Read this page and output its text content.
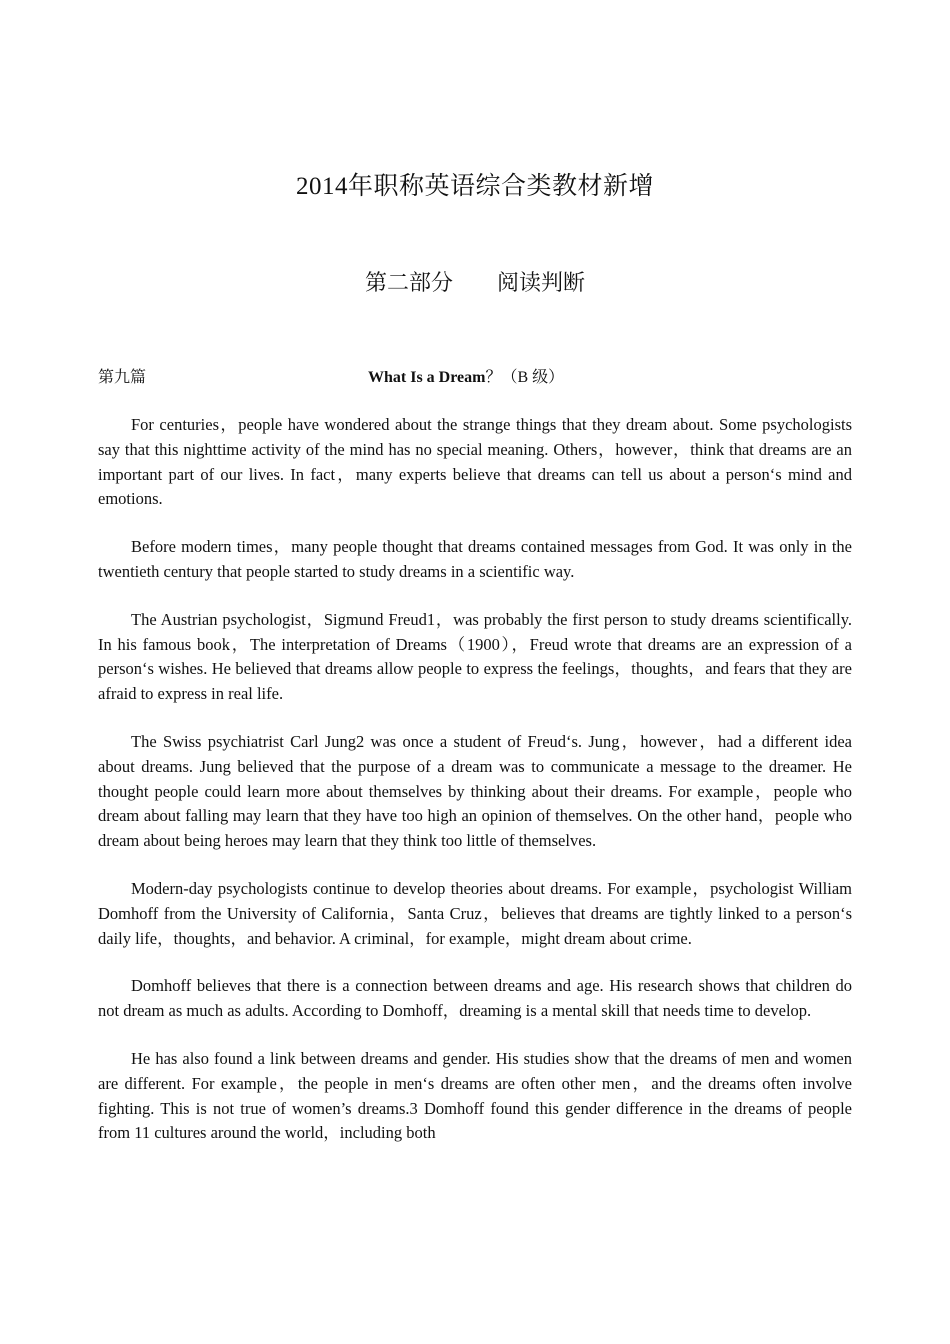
2014年职称英语综合类教材新增
第二部分　　阅读判断
第九篇	What Is a Dream？（B 级）

For centuries，people have wondered about the strange things that they dream about. Some psychologists say that this nighttime activity of the mind has no special meaning. Others，however，think that dreams are an important part of our lives. In fact，many experts believe that dreams can tell us about a person‘s mind and emotions.

Before modern times，many people thought that dreams contained messages from God. It was only in the twentieth century that people started to study dreams in a scientific way.

The Austrian psychologist，Sigmund Freud1，was probably the first person to study dreams scientifically. In his famous book，The interpretation of Dreams（1900），Freud wrote that dreams are an expression of a person‘s wishes. He believed that dreams allow people to express the feelings，thoughts，and fears that they are afraid to express in real life.

The Swiss psychiatrist Carl Jung2 was once a student of Freud‘s. Jung，however，had a different idea about dreams. Jung believed that the purpose of a dream was to communicate a message to the dreamer. He thought people could learn more about themselves by thinking about their dreams. For example，people who dream about falling may learn that they have too high an opinion of themselves. On the other hand，people who dream about being heroes may learn that they think too little of themselves.

Modern-day psychologists continue to develop theories about dreams. For example，psychologist William Domhoff from the University of California，Santa Cruz，believes that dreams are tightly linked to a person‘s daily life，thoughts，and behavior. A criminal，for example，might dream about crime.

Domhoff believes that there is a connection between dreams and age. His research shows that children do not dream as much as adults. According to Domhoff，dreaming is a mental skill that needs time to develop.

He has also found a link between dreams and gender. His studies show that the dreams of men and women are different. For example，the people in men‘s dreams are often other men，and the dreams often involve fighting. This is not true of women’s dreams.3 Domhoff found this gender difference in the dreams of people from 11 cultures around the world，including both
